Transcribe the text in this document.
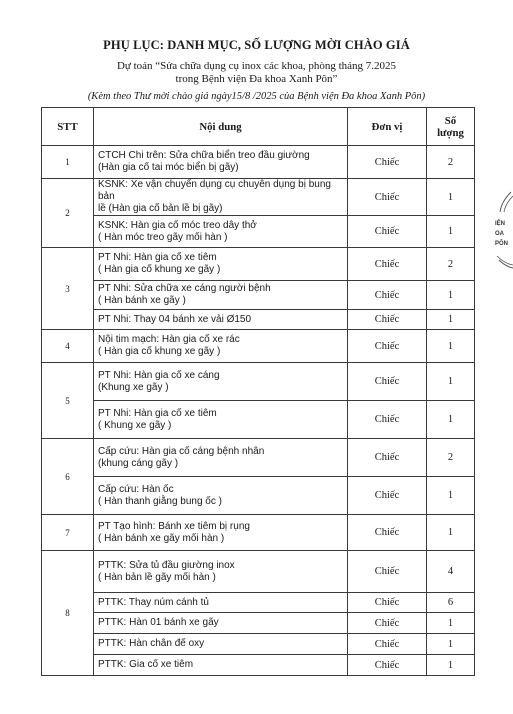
PHỤ LỤC: DANH MỤC, SỐ LƯỢNG MỜI CHÀO GIÁ
Dự toán “Sửa chữa dụng cụ inox các khoa, phòng tháng 7.2025
trong Bệnh viện Đa khoa Xanh Pôn”
(Kèm theo Thư mời chào giá ngày15/8 /2025 của Bệnh viện Đa khoa Xanh Pôn)
STT	Nội dung	Đơn vị	Số
lượng

1	CTCH Chi trên: Sửa chữa biển treo đầu giường
(Hàn gia cố tai móc biển bị gãy)	Chiếc	2
2	KSNK: Xe vận chuyển dụng cụ chuyên dụng bị bung bản
lề (Hàn gia cố bản lề bị gãy)	Chiếc	1

	KSNK: Hàn gia cố móc treo dây thở
( Hàn móc treo gãy mối hàn )	Chiếc	1
3	PT Nhi: Hàn gia cố xe tiêm
( Hàn gia cố khung xe gãy )	Chiếc	2

	PT Nhi: Sửa chữa xe cáng người bệnh
( Hàn bánh xe gãy )	Chiếc	1

	PT Nhi: Thay 04 bánh xe vải Ø150	Chiếc	1
4	Nội tim mạch: Hàn gia cố xe rác
( Hàn gia cố khung xe gãy )	Chiếc	1
5	PT Nhi: Hàn gia cố xe cáng
(Khung xe gãy )	Chiếc	1

	PT Nhi: Hàn gia cố xe tiêm
( Khung xe gãy )	Chiếc	1
6	Cấp cứu: Hàn gia cố cáng bệnh nhân
(khung cáng gãy )	Chiếc	2

	Cấp cứu: Hàn ốc
( Hàn thanh giằng bung ốc )	Chiếc	1
7	PT Tạo hình: Bánh xe tiêm bị rụng
( Hàn bánh xe gãy mối hàn )	Chiếc	1
8	PTTK: Sửa tủ đầu giường inox
( Hàn bản lề gãy mối hàn )	Chiếc	4

	PTTK: Thay núm cánh tủ	Chiếc	6

	PTTK: Hàn 01 bánh xe gãy	Chiếc	1

	PTTK: Hàn chân đế oxy	Chiếc	1

	PTTK: Gia cố xe tiêm	Chiếc	1
IỆN
OA
PÔN
